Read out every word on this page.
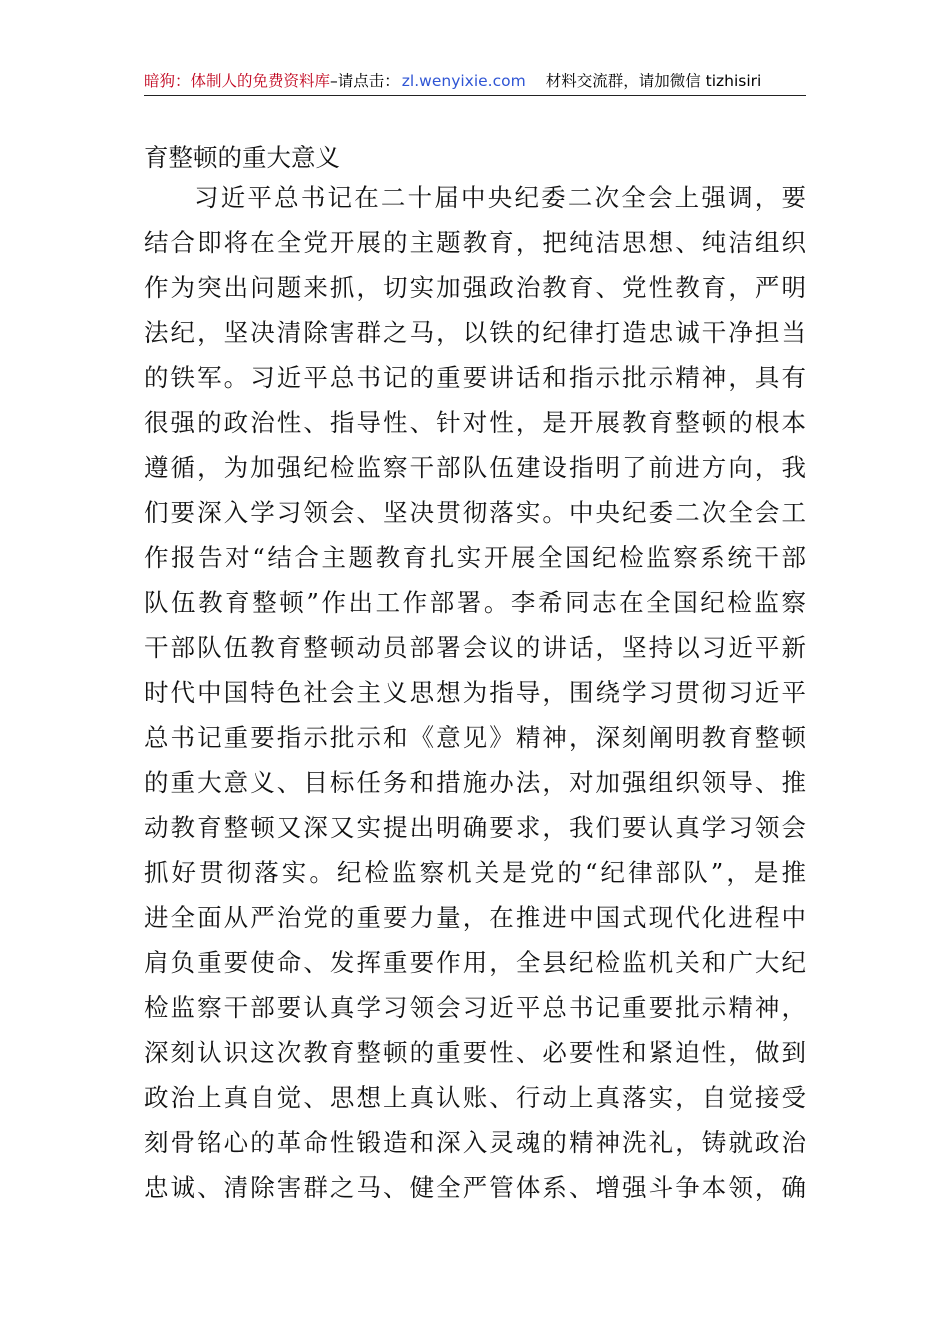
暗狗：体制人的免费资料库 –请点击： zl.wenyixie.com 材料交流群，请加微信 tizhisiri
育整顿的重大意义
习近平总书记在二十届中央纪委二次全会上强调，要
结合即将在全党开展的主题教育，把纯洁思想、纯洁组织
作为突出问题来抓，切实加强政治教育、党性教育，严明
法纪，坚决清除害群之马，以铁的纪律打造忠诚干净担当
的铁军。习近平总书记的重要讲话和指示批示精神，具有
很强的政治性、指导性、针对性，是开展教育整顿的根本
遵循，为加强纪检监察干部队伍建设指明了前进方向，我
们要深入学习领会、坚决贯彻落实。中央纪委二次全会工
作报告对“结合主题教育扎实开展全国纪检监察系统干部
队伍教育整顿”作出工作部署。李希同志在全国纪检监察
干部队伍教育整顿动员部署会议的讲话，坚持以习近平新
时代中国特色社会主义思想为指导，围绕学习贯彻习近平
总书记重要指示批示和《意见》精神，深刻阐明教育整顿
的重大意义、目标任务和措施办法，对加强组织领导、推
动教育整顿又深又实提出明确要求，我们要认真学习领会
抓好贯彻落实。纪检监察机关是党的“纪律部队”，是推
进全面从严治党的重要力量，在推进中国式现代化进程中
肩负重要使命、发挥重要作用，全县纪检监机关和广大纪
检监察干部要认真学习领会习近平总书记重要批示精神，
深刻认识这次教育整顿的重要性、必要性和紧迫性，做到
政治上真自觉、思想上真认账、行动上真落实，自觉接受
刻骨铭心的革命性锻造和深入灵魂的精神洗礼，铸就政治
忠诚、清除害群之马、健全严管体系、增强斗争本领，确
